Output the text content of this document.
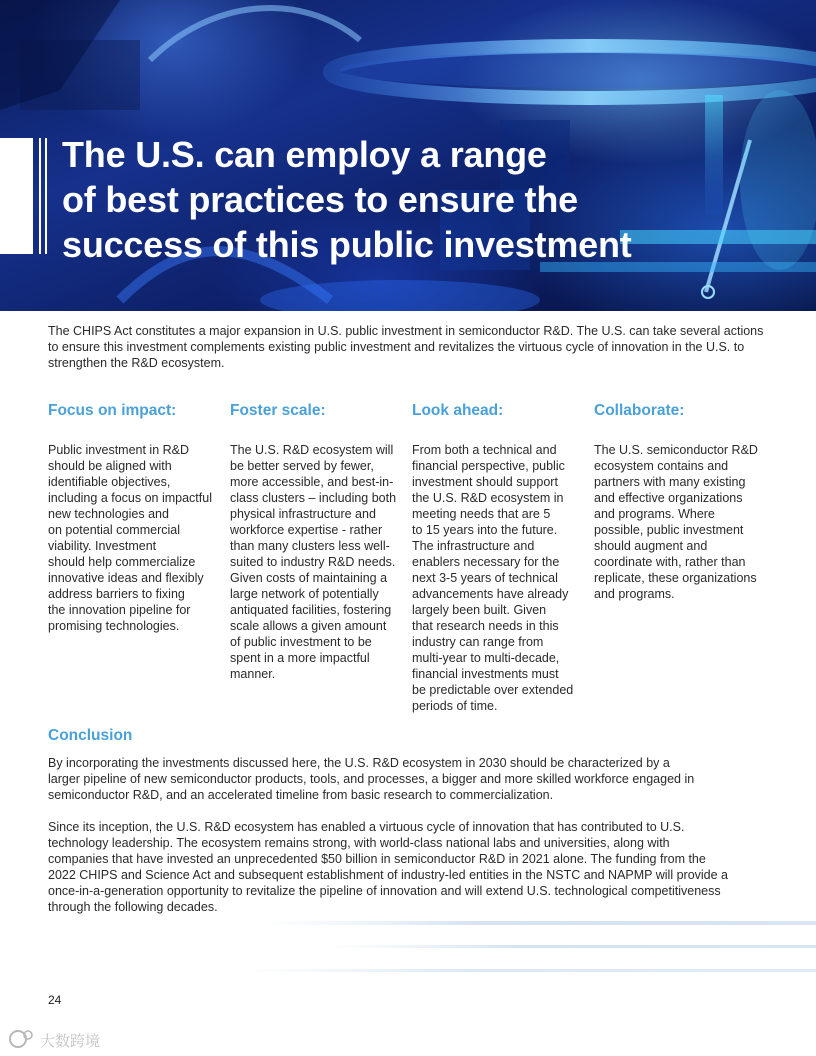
The U.S. can employ a range
of best practices to ensure the
success of this public investment

The CHIPS Act constitutes a major expansion in U.S. public investment in semiconductor R&D. The U.S. can take several actions to ensure this investment complements existing public investment and revitalizes the virtuous cycle of innovation in the U.S. to strengthen the R&D ecosystem.

Focus on impact:

Public investment in R&D
should be aligned with
identifiable objectives,
including a focus on impactful
new technologies and
on potential commercial
viability. Investment
should help commercialize
innovative ideas and flexibly
address barriers to fixing
the innovation pipeline for
promising technologies.

Foster scale:

The U.S. R&D ecosystem will
be better served by fewer,
more accessible, and best-in-
class clusters – including both
physical infrastructure and
workforce expertise - rather
than many clusters less well-
suited to industry R&D needs.
Given costs of maintaining a
large network of potentially
antiquated facilities, fostering
scale allows a given amount
of public investment to be
spent in a more impactful
manner.

Look ahead:

From both a technical and
financial perspective, public
investment should support
the U.S. R&D ecosystem in
meeting needs that are 5
to 15 years into the future.
The infrastructure and
enablers necessary for the
next 3-5 years of technical
advancements have already
largely been built. Given
that research needs in this
industry can range from
multi-year to multi-decade,
financial investments must
be predictable over extended
periods of time.

Collaborate:

The U.S. semiconductor R&D
ecosystem contains and
partners with many existing
and effective organizations
and programs. Where
possible, public investment
should augment and
coordinate with, rather than
replicate, these organizations
and programs.

Conclusion

By incorporating the investments discussed here, the U.S. R&D ecosystem in 2030 should be characterized by a
larger pipeline of new semiconductor products, tools, and processes, a bigger and more skilled workforce engaged in
semiconductor R&D, and an accelerated timeline from basic research to commercialization.

Since its inception, the U.S. R&D ecosystem has enabled a virtuous cycle of innovation that has contributed to U.S.
technology leadership. The ecosystem remains strong, with world-class national labs and universities, along with
companies that have invested an unprecedented $50 billion in semiconductor R&D in 2021 alone. The funding from the
2022 CHIPS and Science Act and subsequent establishment of industry-led entities in the NSTC and NAPMP will provide a
once-in-a-generation opportunity to revitalize the pipeline of innovation and will extend U.S. technological competitiveness
through the following decades.

24
大数跨境
